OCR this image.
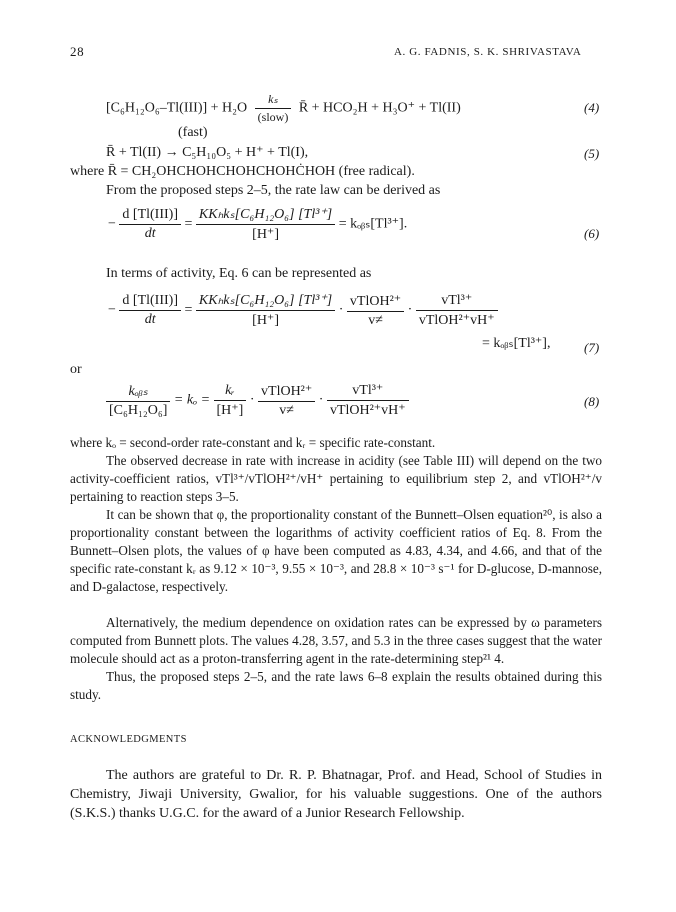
28	A. G. FADNIS, S. K. SHRIVASTAVA
$[C_6H_{12}O_6-Tl(III)] + H_2O \frac{\text{kₛ}}{\text{(slow)}}$ R̄ + HCO₂H + H₃O⁺ + Tl(II)	(4)
(fast)
R̄ + Tl(II) → C₅H₁₀O₅ + H⁺ + Tl(I),	(5)
where R̄ = CH₂OHCHOHCHOHCHOHĊHOH (free radical).
From the proposed steps 2–5, the rate law can be derived as
− $\frac{\text{d [Tl(III)]}}{dt} = \frac{\text{KKₕkₛ[C₆H₁₂O₆] [Tl³⁺]}}{[H^+]}$ = kₒᵦₛ[Tl³⁺].
(6)
In terms of activity, Eq. 6 can be represented as
− $\frac{\text{d [Tl(III)]}}{dt} = \frac{\text{KKₕkₛ[C₆H₁₂O₆] [Tl³⁺]}}{[H^+]} \cdot \frac{\text{vTlOH²⁺}}{v\ne} \cdot \frac{\text{vTl³⁺}}{\text{vTlOH²⁺vH⁺}}$
= kₒᵦₛ[Tl³⁺],	(7)
or
$\frac{\text{kₒᵦₛ}}{\text{[C₆H₁₂O₆]}} = k_o = \frac{\text{kᵣ}}{[H^+]} \cdot \frac{\text{vTlOH²⁺}}{v\ne} \cdot \frac{\text{vTl³⁺}}{\text{vTlOH²⁺vH⁺}}$	(8)
where kₒ = second-order rate-constant and kᵣ = specific rate-constant.
The observed decrease in rate with increase in acidity (see Table III) will depend on the two activity-coefficient ratios, vTl³⁺/vTlOH²⁺/vH⁺ pertaining to equilibrium step 2, and vTlOH²⁺/v pertaining to reaction steps 3–5.
It can be shown that φ, the proportionality constant of the Bunnett–Olsen equation²⁰, is also a proportionality constant between the logarithms of activity coefficient ratios of Eq. 8. From the Bunnett–Olsen plots, the values of φ have been computed as 4.83, 4.34, and 4.66, and that of the specific rate-constant kᵣ as 9.12 × 10⁻³, 9.55 × 10⁻³, and 28.8 × 10⁻³ s⁻¹ for D-glucose, D-mannose, and D-galactose, respectively.
Alternatively, the medium dependence on oxidation rates can be expressed by ω parameters computed from Bunnett plots. The values 4.28, 3.57, and 5.3 in the three cases suggest that the water molecule should act as a proton-transferring agent in the rate-determining step²¹ 4.
Thus, the proposed steps 2–5, and the rate laws 6–8 explain the results obtained during this study.
ACKNOWLEDGMENTS
The authors are grateful to Dr. R. P. Bhatnagar, Prof. and Head, School of Studies in Chemistry, Jiwaji University, Gwalior, for his valuable suggestions. One of the authors (S.K.S.) thanks U.G.C. for the award of a Junior Research Fellowship.
